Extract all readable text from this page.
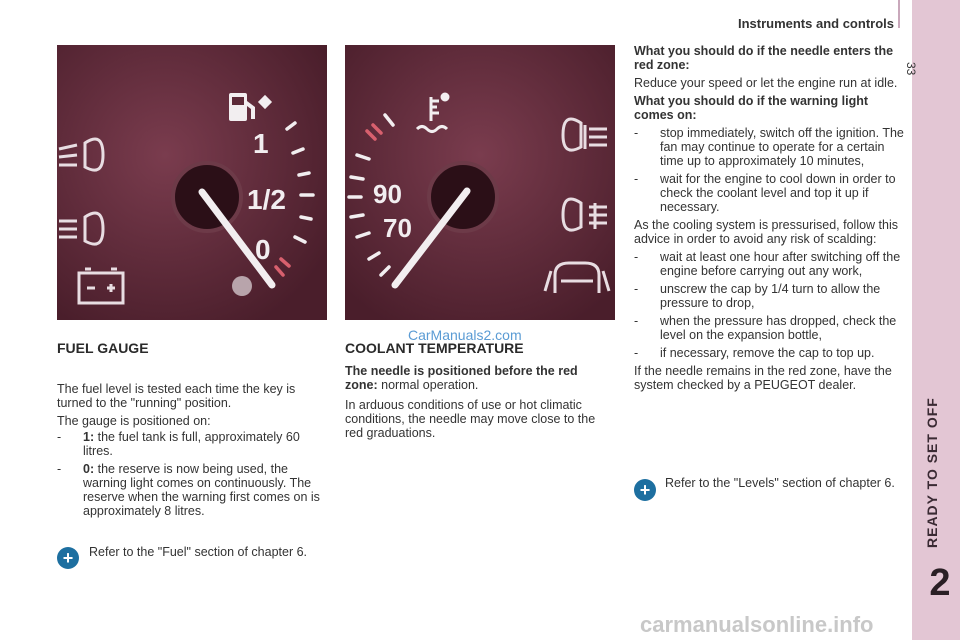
Instruments and controls
33
READY TO SET OFF
2
1
1/2
0
90
70
CarManuals2.com
carmanualsonline.info
FUEL GAUGE
The fuel level is tested each time the key is turned to the "running" position.
The gauge is positioned on:
-	1: the fuel tank is full, approximately 60 litres.
-	0: the reserve is now being used, the warning light comes on continuously. The reserve when the warning first comes on is approximately 8 litres.
+	Refer to the "Fuel" section of chapter 6.
COOLANT TEMPERATURE
The needle is positioned before the red zone: normal operation.
In arduous conditions of use or hot climatic conditions, the needle may move close to the red graduations.
What you should do if the needle enters the red zone:
Reduce your speed or let the engine run at idle.
What you should do if the warning light comes on:
-	stop immediately, switch off the ignition. The fan may continue to operate for a certain time up to approximately 10 minutes,
-	wait for the engine to cool down in order to check the coolant level and top it up if necessary.
As the cooling system is pressurised, follow this advice in order to avoid any risk of scalding:
-	wait at least one hour after switching off the engine before carrying out any work,
-	unscrew the cap by 1/4 turn to allow the pressure to drop,
-	when the pressure has dropped, check the level on the expansion bottle,
-	if necessary, remove the cap to top up.
If the needle remains in the red zone, have the system checked by a PEUGEOT dealer.
+	Refer to the "Levels" section of chapter 6.
